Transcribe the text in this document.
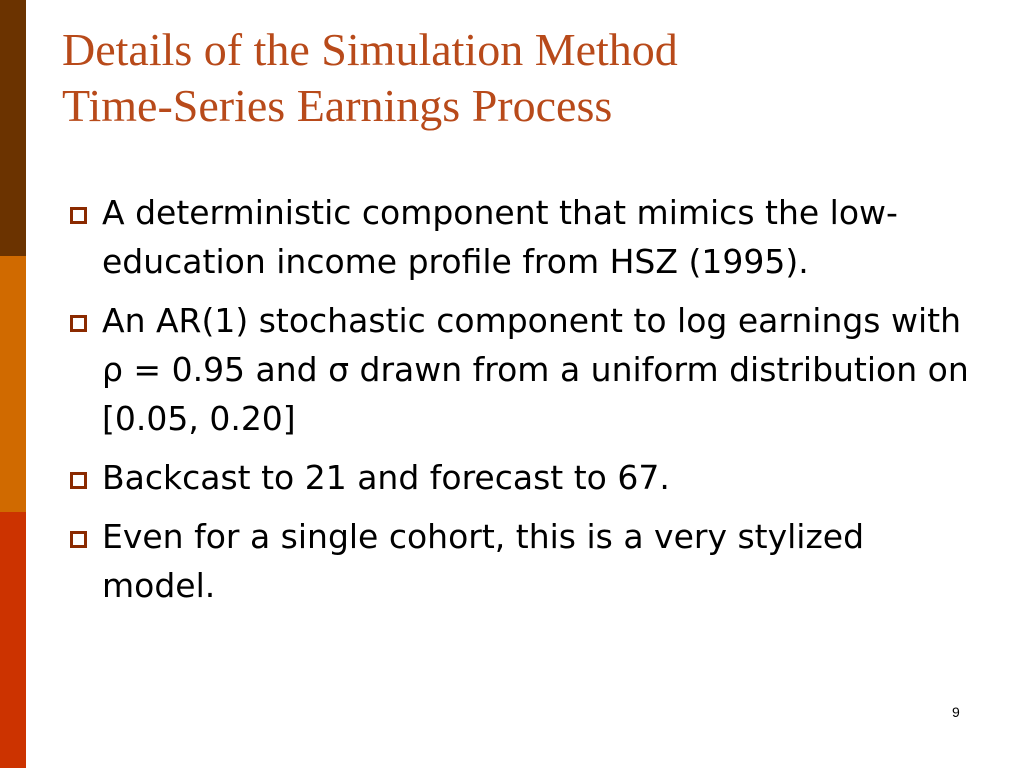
Details of the Simulation Method
Time-Series Earnings Process
A deterministic component that mimics the low-education income profile from HSZ (1995).
An AR(1) stochastic component to log earnings with ρ = 0.95 and σ drawn from a uniform distribution on [0.05, 0.20]
Backcast to 21 and forecast to 67.
Even for a single cohort, this is a very stylized model.
9
